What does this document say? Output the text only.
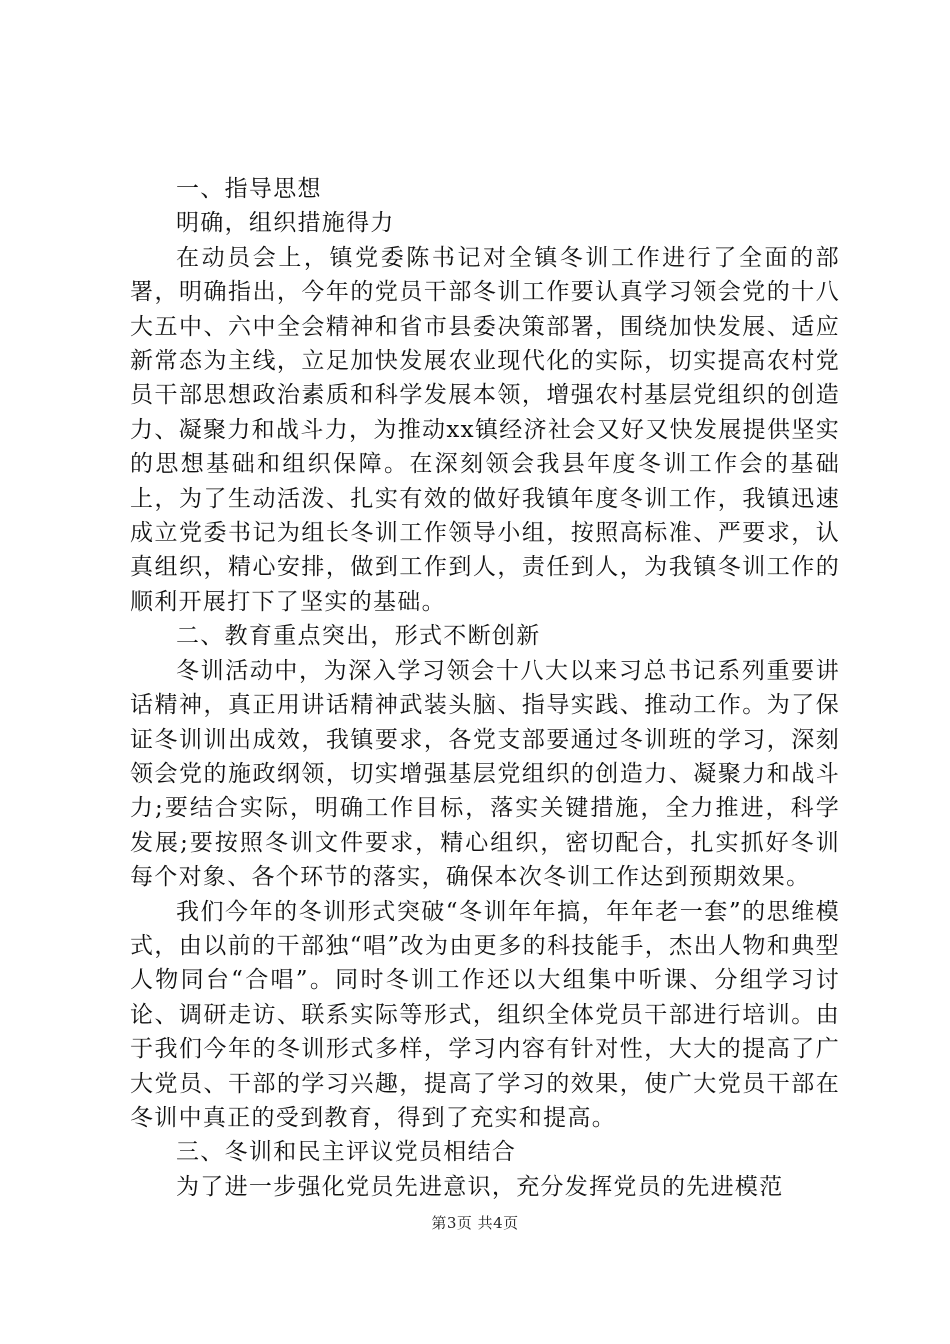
一、指导思想

明确，组织措施得力

在动员会上，镇党委陈书记对全镇冬训工作进行了全面的部署，明确指出，今年的党员干部冬训工作要认真学习领会党的十八大五中、六中全会精神和省市县委决策部署，围绕加快发展、适应新常态为主线，立足加快发展农业现代化的实际，切实提高农村党员干部思想政治素质和科学发展本领，增强农村基层党组织的创造力、凝聚力和战斗力，为推动xx镇经济社会又好又快发展提供坚实的思想基础和组织保障。在深刻领会我县年度冬训工作会的基础上，为了生动活泼、扎实有效的做好我镇年度冬训工作，我镇迅速成立党委书记为组长冬训工作领导小组，按照高标准、严要求，认真组织，精心安排，做到工作到人，责任到人，为我镇冬训工作的顺利开展打下了坚实的基础。

二、教育重点突出，形式不断创新

冬训活动中，为深入学习领会十八大以来习总书记系列重要讲话精神，真正用讲话精神武装头脑、指导实践、推动工作。为了保证冬训训出成效，我镇要求，各党支部要通过冬训班的学习，深刻领会党的施政纲领，切实增强基层党组织的创造力、凝聚力和战斗力;要结合实际，明确工作目标，落实关键措施，全力推进，科学发展;要按照冬训文件要求，精心组织，密切配合，扎实抓好冬训每个对象、各个环节的落实，确保本次冬训工作达到预期效果。

我们今年的冬训形式突破“冬训年年搞，年年老一套”的思维模式，由以前的干部独“唱”改为由更多的科技能手，杰出人物和典型人物同台“合唱”。同时冬训工作还以大组集中听课、分组学习讨论、调研走访、联系实际等形式，组织全体党员干部进行培训。由于我们今年的冬训形式多样，学习内容有针对性，大大的提高了广大党员、干部的学习兴趣，提高了学习的效果，使广大党员干部在冬训中真正的受到教育，得到了充实和提高。

三、冬训和民主评议党员相结合

为了进一步强化党员先进意识，充分发挥党员的先进模范

第3页 共4页
